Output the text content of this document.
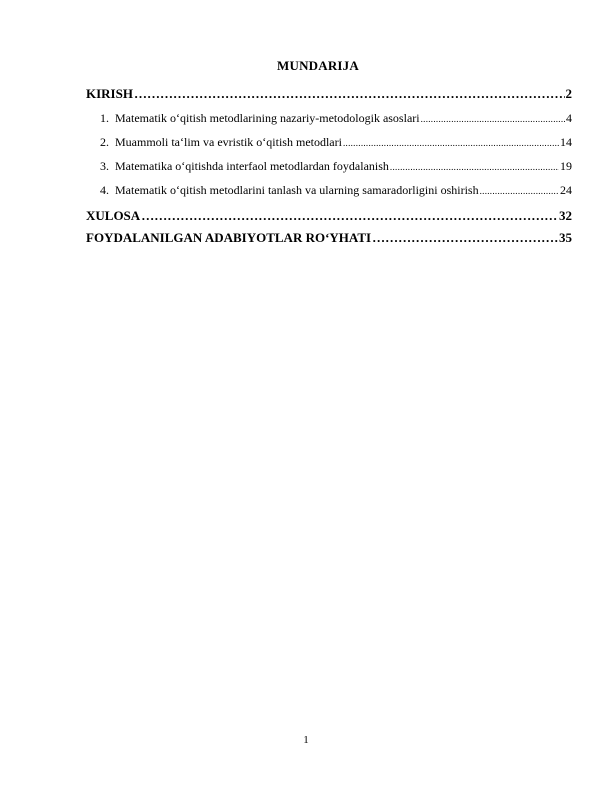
MUNDARIJA
KIRISH ………………………………………………………………………………………………………………………………………………………………………	2
1. Matematik o‘qitish metodlarining nazariy-metodologik asoslari .....	4
2. Muammoli ta‘lim va evristik o‘qitish metodlari .....	14
3. Matematika o‘qitishda interfaol metodlardan foydalanish .....	19
4. Matematik o‘qitish metodlarini tanlash va ularning samaradorligini oshirish .....	24
XULOSA ………………………………………………………………………………………………………………………………………………………………………	32
FOYDALANILGAN ADABIYOTLAR RO‘YHATI ………………………………………………………………………………………………………………………………………………………………………	35
1
